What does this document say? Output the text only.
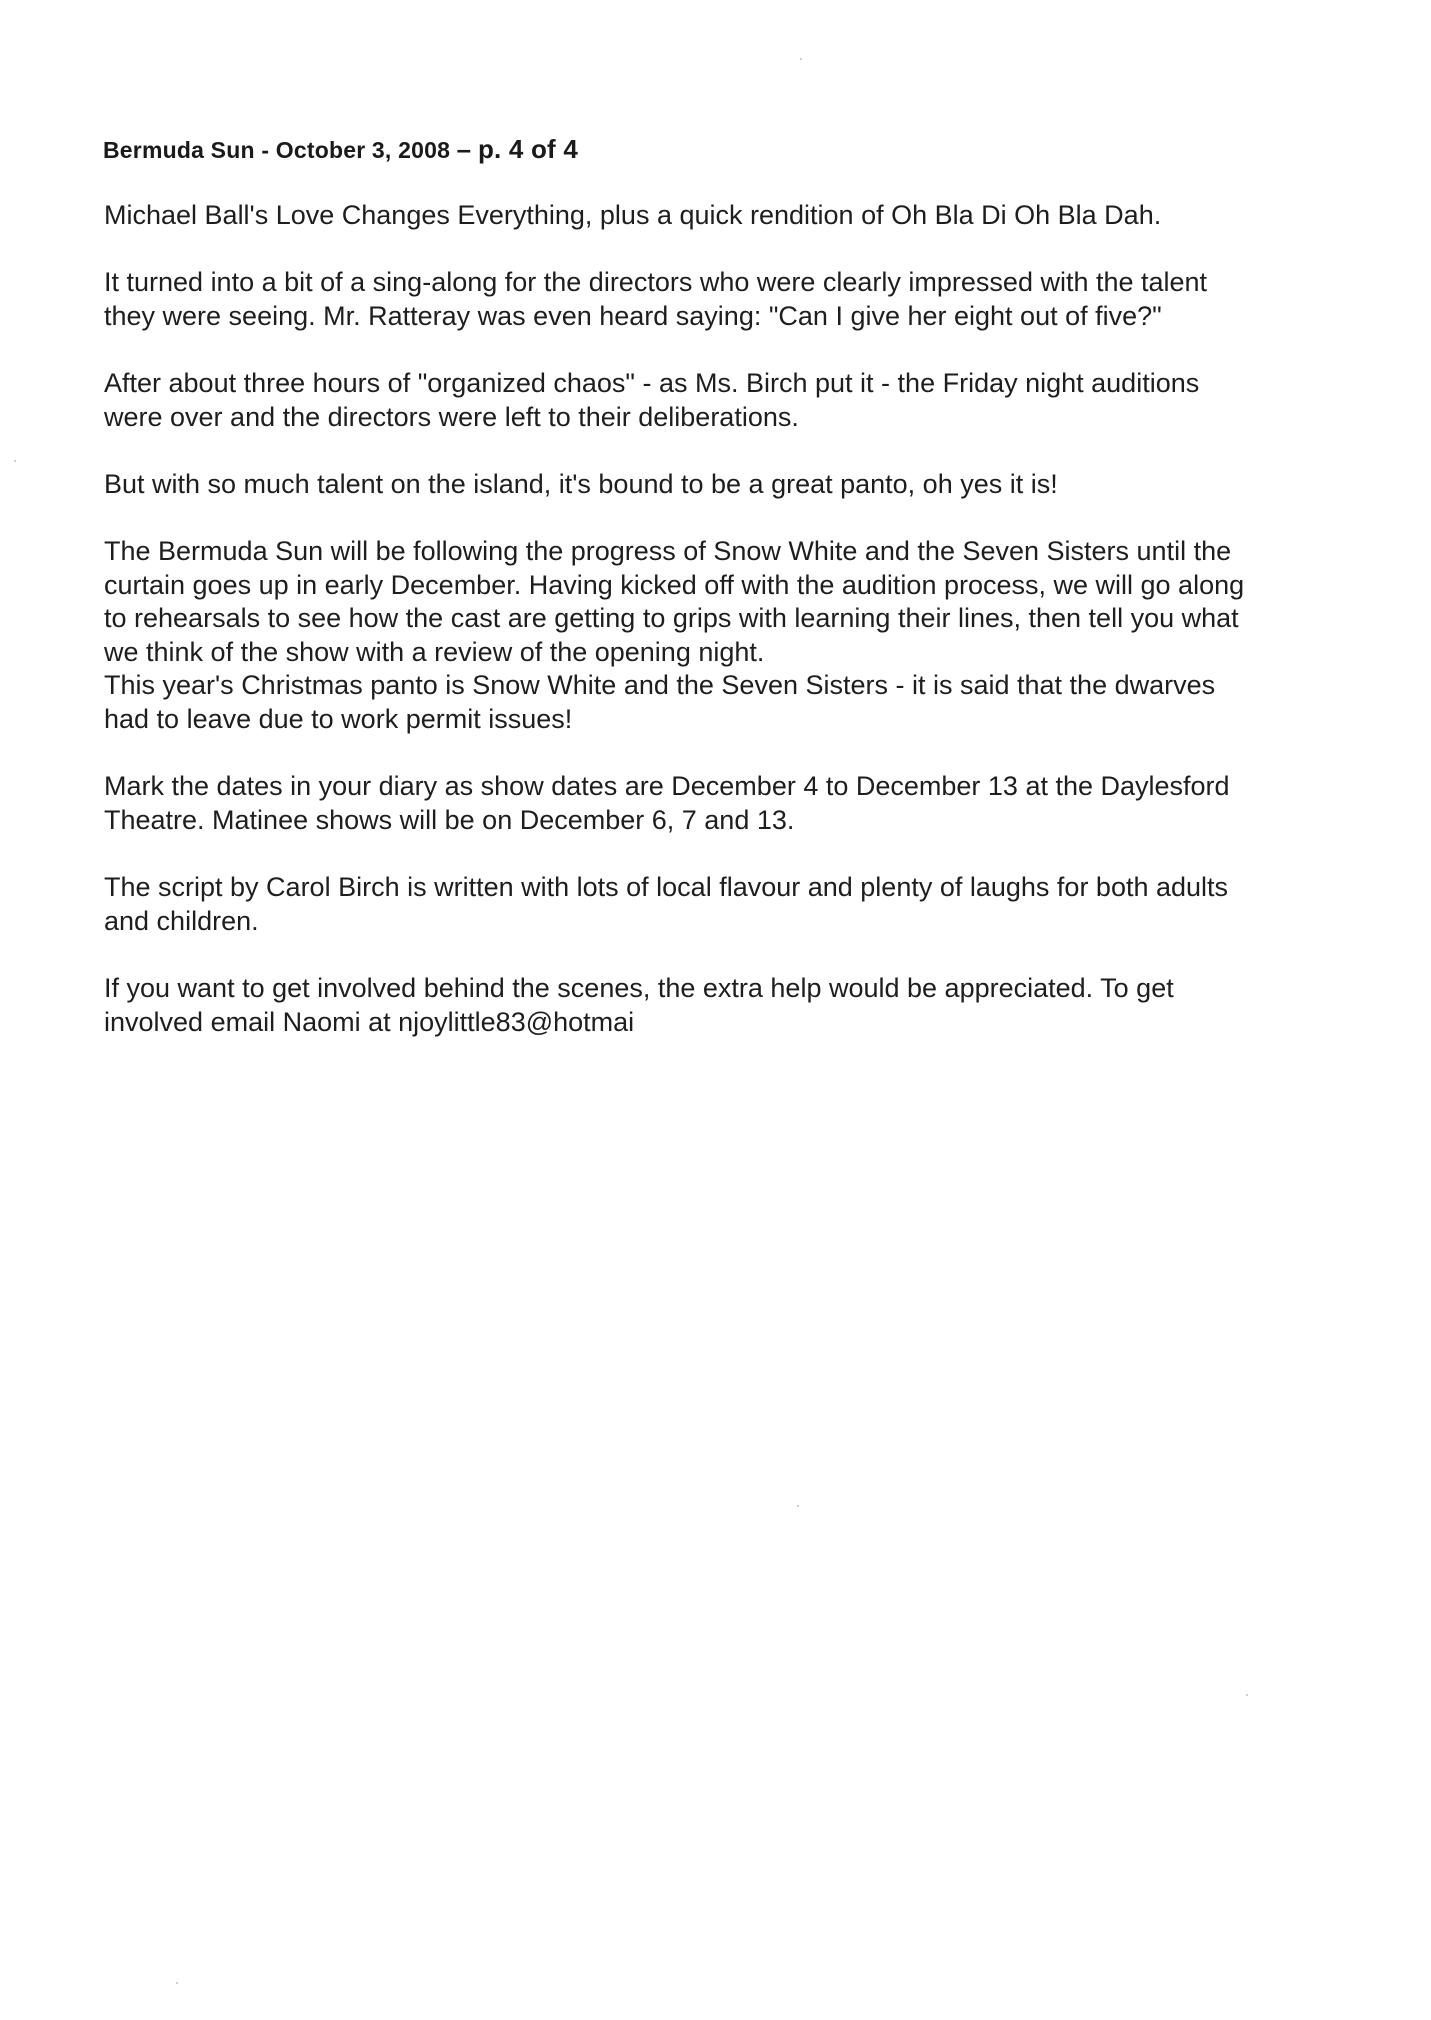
Bermuda Sun - October 3, 2008 – p. 4 of 4

Michael Ball's Love Changes Everything, plus a quick rendition of Oh Bla Di Oh Bla Dah.

It turned into a bit of a sing-along for the directors who were clearly impressed with the talent
they were seeing. Mr. Ratteray was even heard saying: "Can I give her eight out of five?"

After about three hours of "organized chaos" - as Ms. Birch put it - the Friday night auditions
were over and the directors were left to their deliberations.

But with so much talent on the island, it's bound to be a great panto, oh yes it is!

The Bermuda Sun will be following the progress of Snow White and the Seven Sisters until the
curtain goes up in early December. Having kicked off with the audition process, we will go along
to rehearsals to see how the cast are getting to grips with learning their lines, then tell you what
we think of the show with a review of the opening night.
This year's Christmas panto is Snow White and the Seven Sisters - it is said that the dwarves
had to leave due to work permit issues!

Mark the dates in your diary as show dates are December 4 to December 13 at the Daylesford
Theatre. Matinee shows will be on December 6, 7 and 13.

The script by Carol Birch is written with lots of local flavour and plenty of laughs for both adults
and children.

If you want to get involved behind the scenes, the extra help would be appreciated. To get
involved email Naomi at njoylittle83@hotmai
